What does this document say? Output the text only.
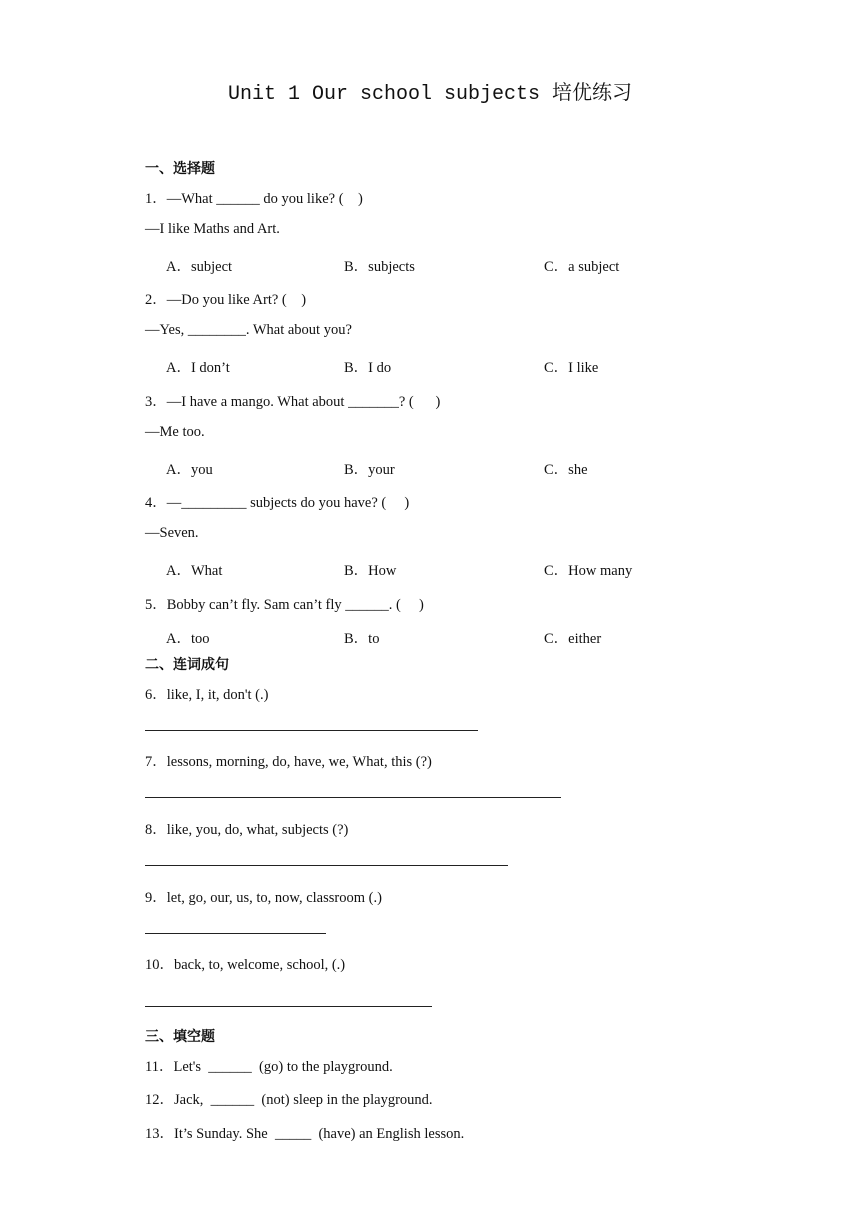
Unit 1 Our school subjects 培优练习
一、选择题
1．—What ______ do you like? (    )
—I like Maths and Art.
A．subject	B．subjects	C．a subject
2．—Do you like Art? (    )
—Yes, ________. What about you?
A．I don’t	B．I do	C．I like
3．—I have a mango. What about _______? (      )
—Me too.
A．you	B．your	C．she
4．—_________ subjects do you have? (     )
—Seven.
A．What	B．How	C．How many
5．Bobby can’t fly. Sam can’t fly ______. (     )
A．too	B．to	C．either
二、连词成句
6．like, I, it, don't (.)
7．lessons, morning, do, have, we, What, this (?)
8．like, you, do, what, subjects (?)
9．let, go, our, us, to, now, classroom (.)
10．back, to, welcome, school, (.)
三、填空题
11．Let's  ______  (go) to the playground.
12．Jack,  ______  (not) sleep in the playground.
13．It’s Sunday. She  _____  (have) an English lesson.
